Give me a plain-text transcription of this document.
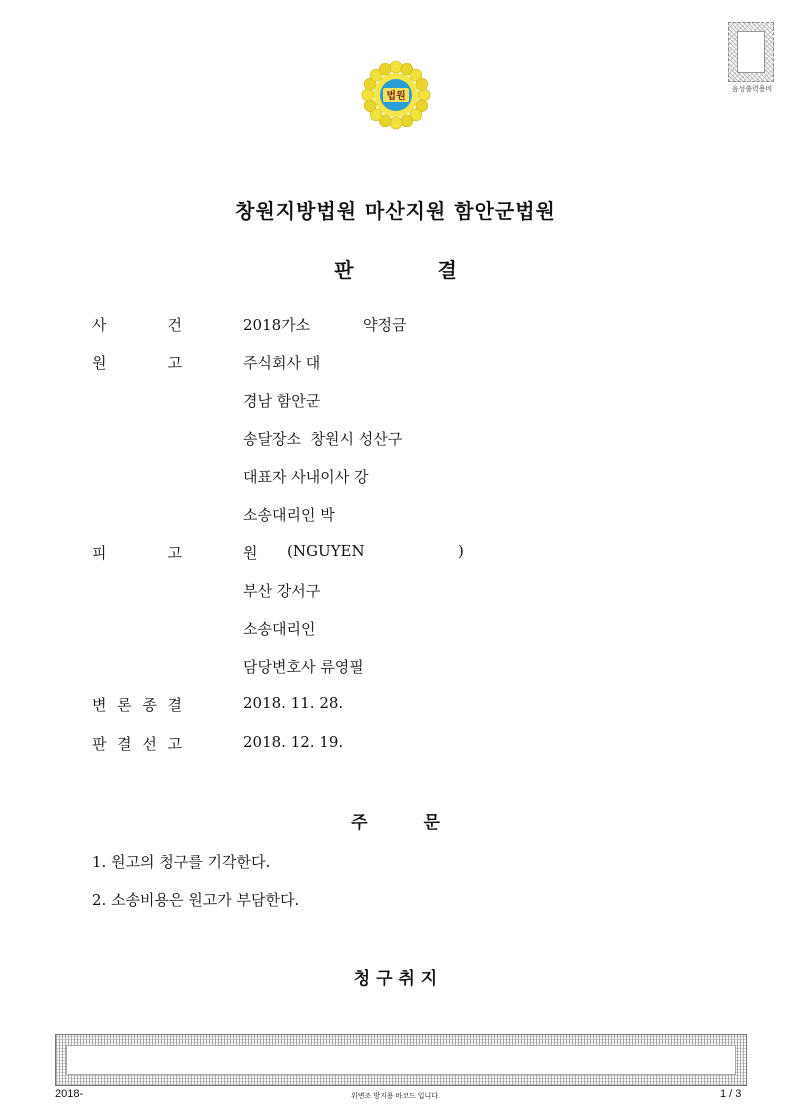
음성출력용비
법원
창원지방법원 마산지원 함안군법원
판	결
사	건	2018가소	약정금
원	고	주식회사 대
경남 함안군
송달장소  창원시 성산구
대표자 사내이사 강
소송대리인 박
피	고	원 (NGUYEN	)
부산 강서구
소송대리인
담당변호사 류영필
변 론 종 결	2018. 11. 28.
판 결 선 고	2018. 12. 19.
주	문
1. 원고의 청구를 기각한다.
2. 소송비용은 원고가 부담한다.
청 구 취 지
2018-	위변조 방지용 바코드 입니다.	1 / 3
